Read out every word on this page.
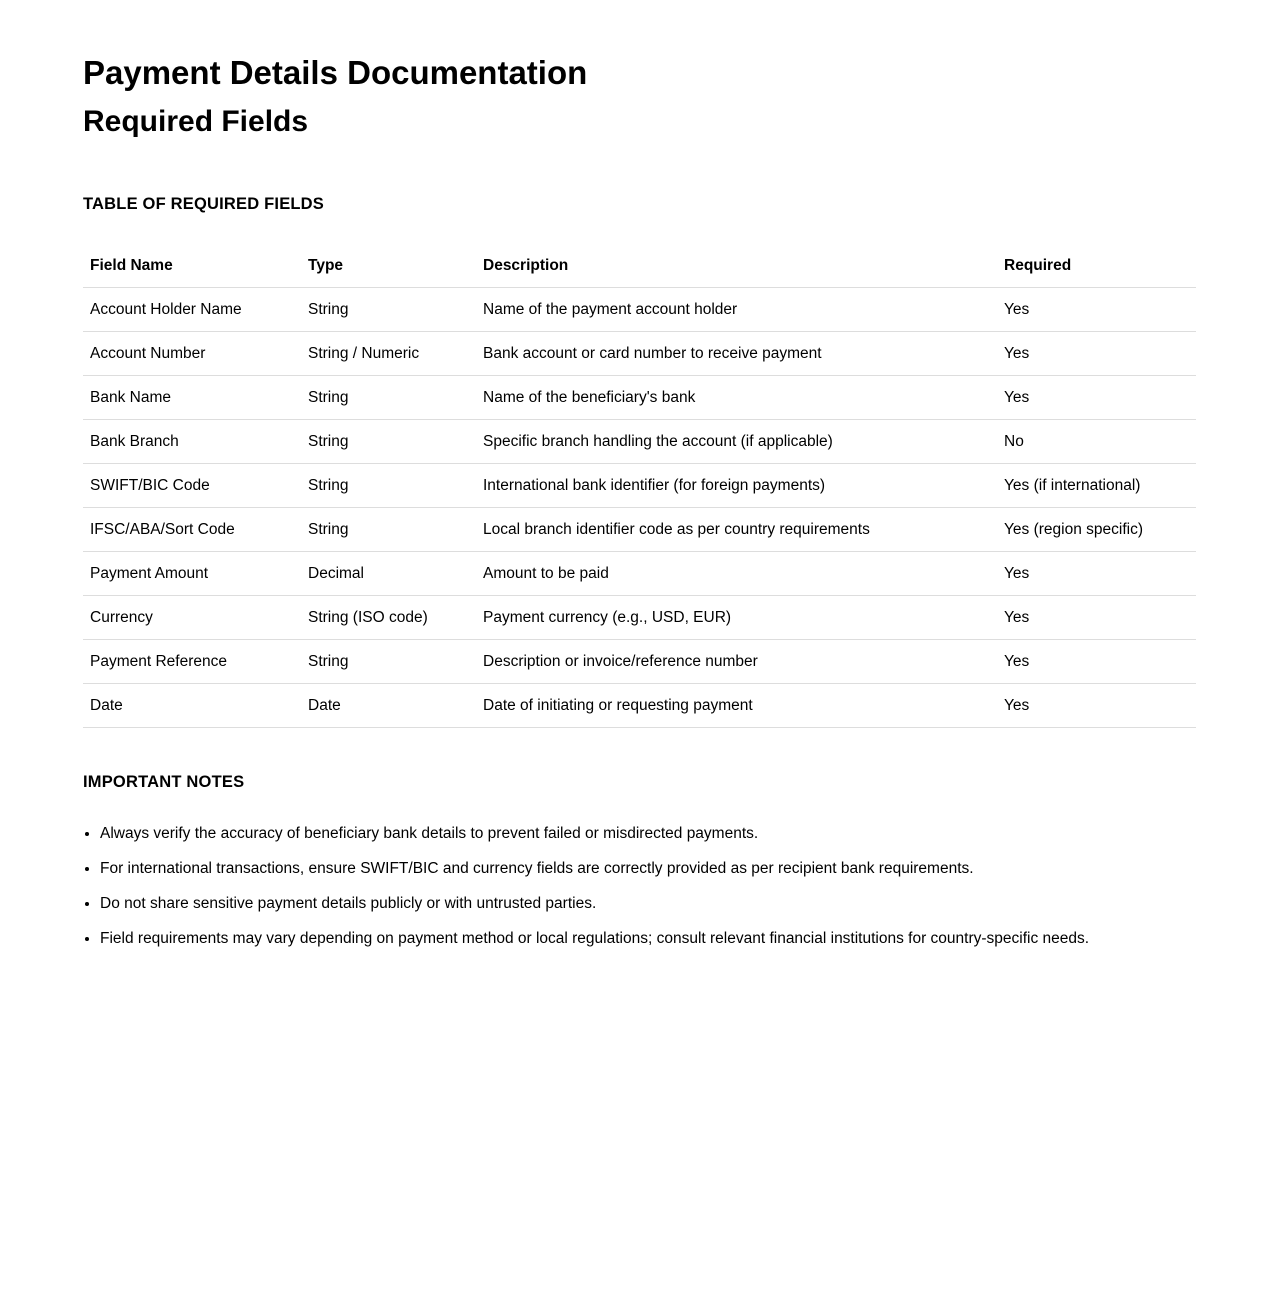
Payment Details Documentation
Required Fields
TABLE OF REQUIRED FIELDS
Field Name	Type	Description	Required
Account Holder Name	String	Name of the payment account holder	Yes
Account Number	String / Numeric	Bank account or card number to receive payment	Yes
Bank Name	String	Name of the beneficiary's bank	Yes
Bank Branch	String	Specific branch handling the account (if applicable)	No
SWIFT/BIC Code	String	International bank identifier (for foreign payments)	Yes (if international)
IFSC/ABA/Sort Code	String	Local branch identifier code as per country requirements	Yes (region specific)
Payment Amount	Decimal	Amount to be paid	Yes
Currency	String (ISO code)	Payment currency (e.g., USD, EUR)	Yes
Payment Reference	String	Description or invoice/reference number	Yes
Date	Date	Date of initiating or requesting payment	Yes
IMPORTANT NOTES
• Always verify the accuracy of beneficiary bank details to prevent failed or misdirected payments.
• For international transactions, ensure SWIFT/BIC and currency fields are correctly provided as per recipient bank requirements.
• Do not share sensitive payment details publicly or with untrusted parties.
• Field requirements may vary depending on payment method or local regulations; consult relevant financial institutions for country-specific needs.
